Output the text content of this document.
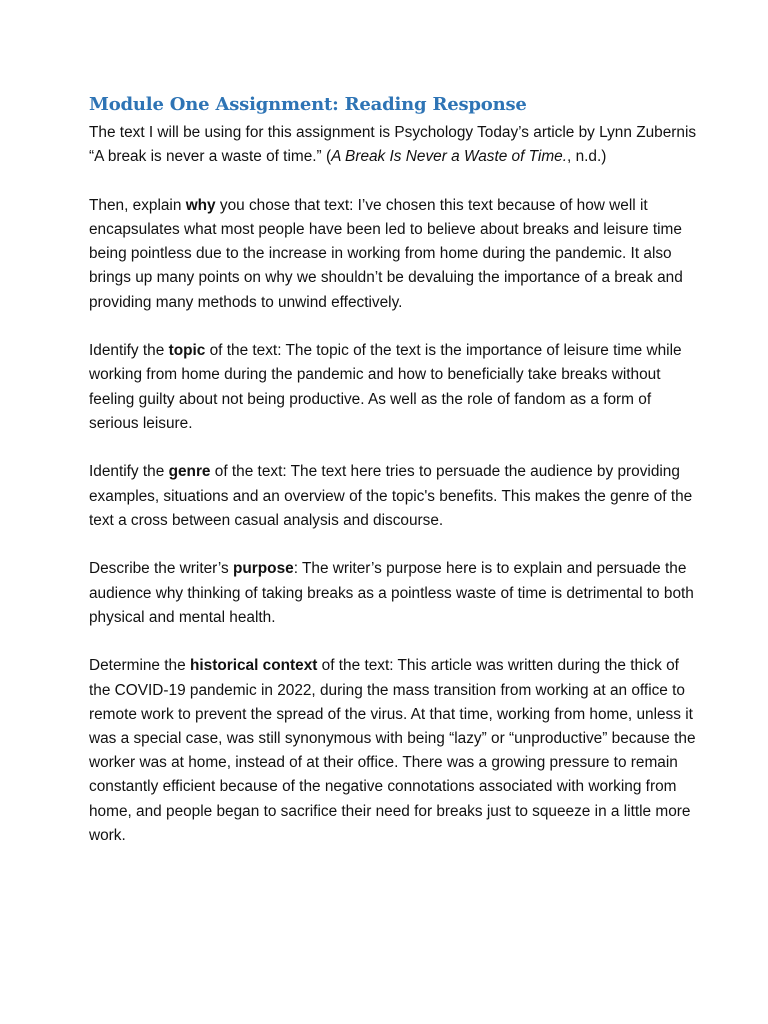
Module One Assignment: Reading Response

The text I will be using for this assignment is Psychology Today’s article by Lynn Zubernis “A break is never a waste of time.” (A Break Is Never a Waste of Time., n.d.)

Then, explain why you chose that text: I’ve chosen this text because of how well it encapsulates what most people have been led to believe about breaks and leisure time being pointless due to the increase in working from home during the pandemic. It also brings up many points on why we shouldn’t be devaluing the importance of a break and providing many methods to unwind effectively.

Identify the topic of the text: The topic of the text is the importance of leisure time while working from home during the pandemic and how to beneficially take breaks without feeling guilty about not being productive. As well as the role of fandom as a form of serious leisure.

Identify the genre of the text: The text here tries to persuade the audience by providing examples, situations and an overview of the topic's benefits. This makes the genre of the text a cross between casual analysis and discourse.

Describe the writer’s purpose: The writer’s purpose here is to explain and persuade the audience why thinking of taking breaks as a pointless waste of time is detrimental to both physical and mental health.

Determine the historical context of the text: This article was written during the thick of the COVID-19 pandemic in 2022, during the mass transition from working at an office to remote work to prevent the spread of the virus. At that time, working from home, unless it was a special case, was still synonymous with being “lazy” or “unproductive” because the worker was at home, instead of at their office. There was a growing pressure to remain constantly efficient because of the negative connotations associated with working from home, and people began to sacrifice their need for breaks just to squeeze in a little more work.
